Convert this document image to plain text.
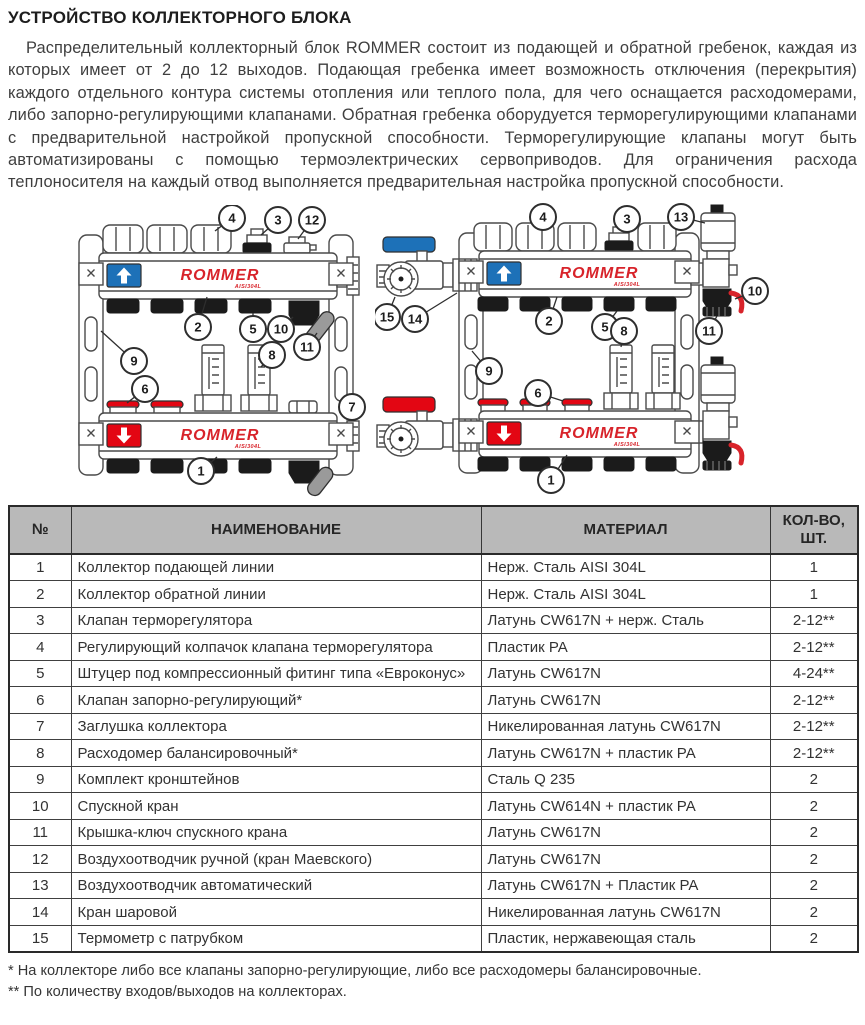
УСТРОЙСТВО КОЛЛЕКТОРНОГО БЛОКА

Распределительный коллекторный блок ROMMER состоит из подающей и обратной гребенок, каждая из которых имеет от 2 до 12 выходов. Подающая гребенка имеет возможность отключения (перекрытия) каждого отдельного контура системы отопления или теплого пола, для чего оснащается расходомерами, либо запорно-регулирующими клапанами. Обратная гребенка оборудуется терморегулирующими клапанами с предварительной настройкой пропускной способности. Терморегулирующие клапаны могут быть автоматизированы с помощью термоэлектрических сервоприводов. Для ограничения расхода теплоносителя на каждый отвод выполняется предварительная настройка пропускной способности.

ROMMER
AISI304L
ROMMER
AISI304L
4	3 12
2	5 10
11
9
6
8
7
1
ROMMER
AISI304L
ROMMER
AISI304L
4	3	13
2	5
9
6
8
15 14
10
11
1
№	НАИМЕНОВАНИЕ	МАТЕРИАЛ	КОЛ-ВО, ШТ.
1	Коллектор подающей линии	Нерж. Сталь AISI 304L	1
2	Коллектор обратной линии	Нерж. Сталь AISI 304L	1
3	Клапан терморегулятора	Латунь CW617N + нерж. Сталь	2-12**
4	Регулирующий колпачок клапана терморегулятора	Пластик PA	2-12**
5	Штуцер под компрессионный фитинг типа «Евроконус»	Латунь CW617N	4-24**
6	Клапан запорно-регулирующий*	Латунь CW617N	2-12**
7	Заглушка коллектора	Никелированная латунь CW617N	2-12**
8	Расходомер балансировочный*	Латунь CW617N + пластик PA	2-12**
9	Комплект кронштейнов	Сталь Q 235	2
10	Спускной кран	Латунь CW614N + пластик PA	2
11	Крышка-ключ спускного крана	Латунь CW617N	2
12	Воздухоотводчик ручной (кран Маевского)	Латунь CW617N	2
13	Воздухоотводчик автоматический	Латунь CW617N + Пластик PA	2
14	Кран шаровой	Никелированная латунь CW617N	2
15	Термометр с патрубком	Пластик, нержавеющая сталь	2
* На коллекторе либо все клапаны запорно-регулирующие, либо все расходомеры балансировочные.
** По количеству входов/выходов на коллекторах.
